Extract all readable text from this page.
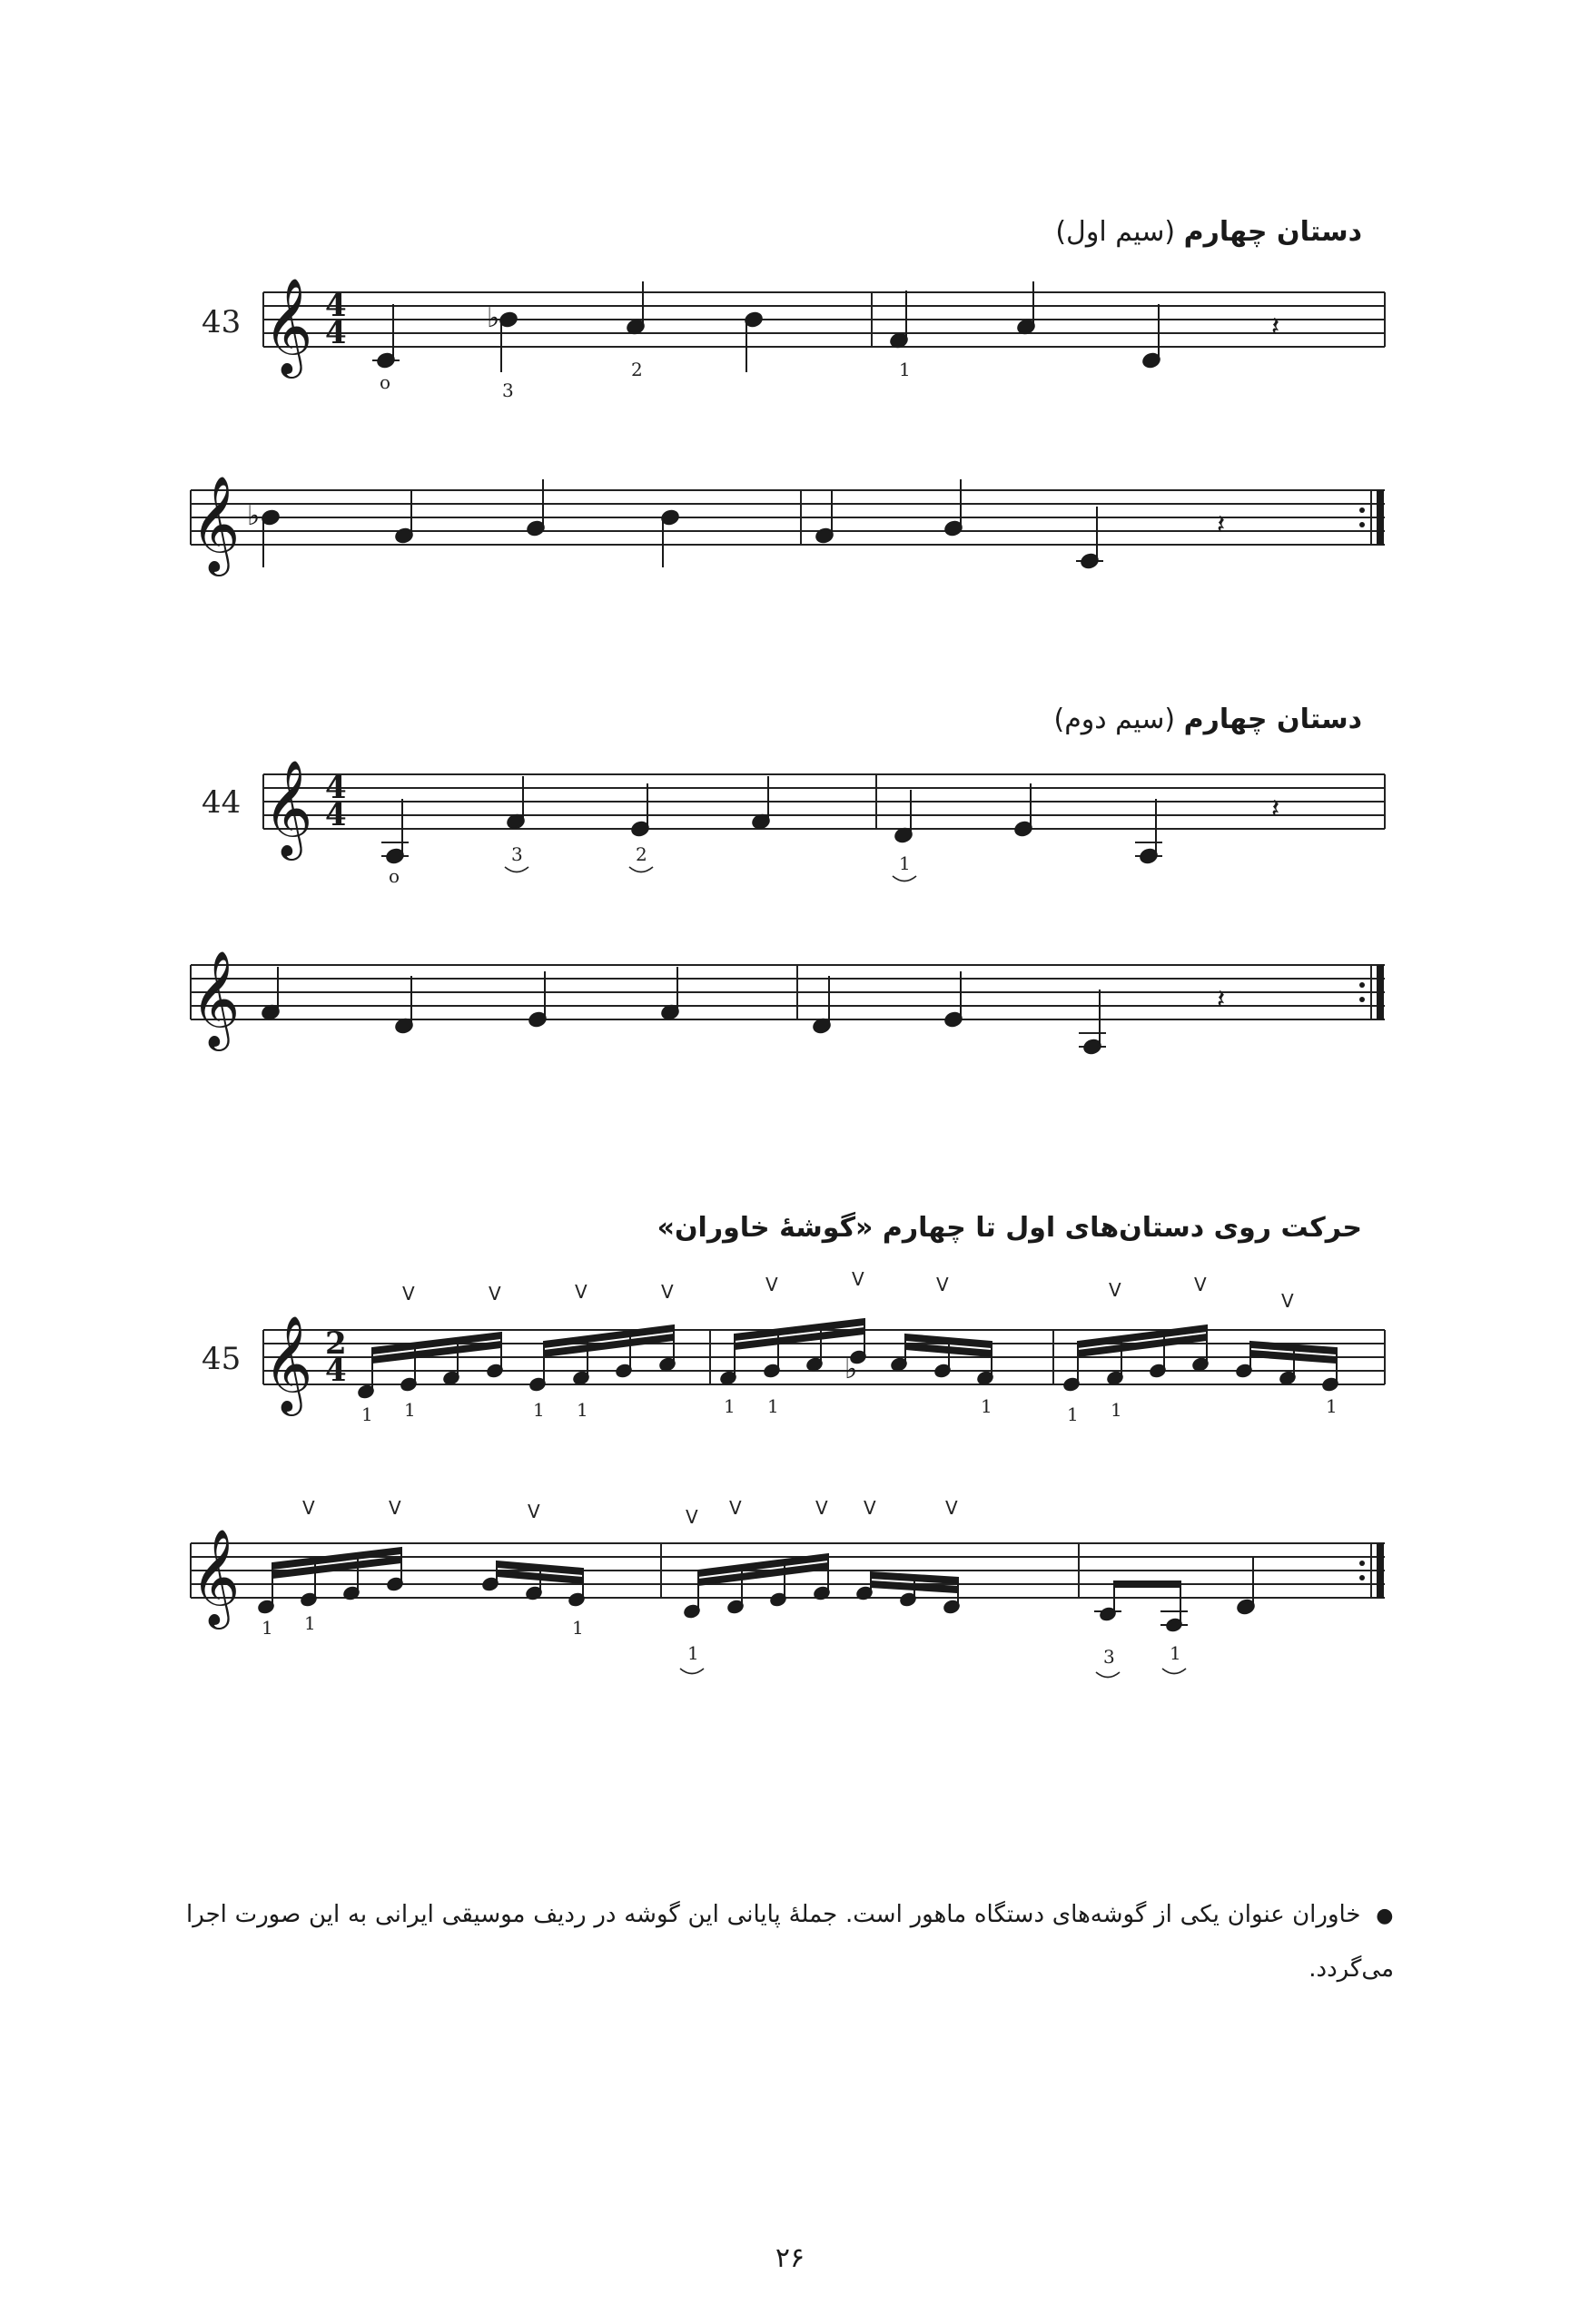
دستان چهارم (سیم اول)
دستان چهارم (سیم دوم)
حرکت روی دستان‌های اول تا چهارم «گوشهٔ خاوران»
43 𝄞 4
4	♭	𝄽
o	3
2	1
𝄞 ♭	𝄽
44 𝄞 4
4	𝄽
o
3	2	1
𝄞	𝄽
45 𝄞 2
4
V	V	V	V	V	V	V	V	V
V
1 1	1 1	1 1	1	1 1	1
♭
𝄞
V	V	V	V V	V V	V
1 1	1
1	3	1
● خاوران عنوان یکی از گوشه‌های دستگاه ماهور است. جملهٔ پایانی این گوشه در ردیف موسیقی ایرانی به این صورت اجرا می‌گردد.
۲۶
